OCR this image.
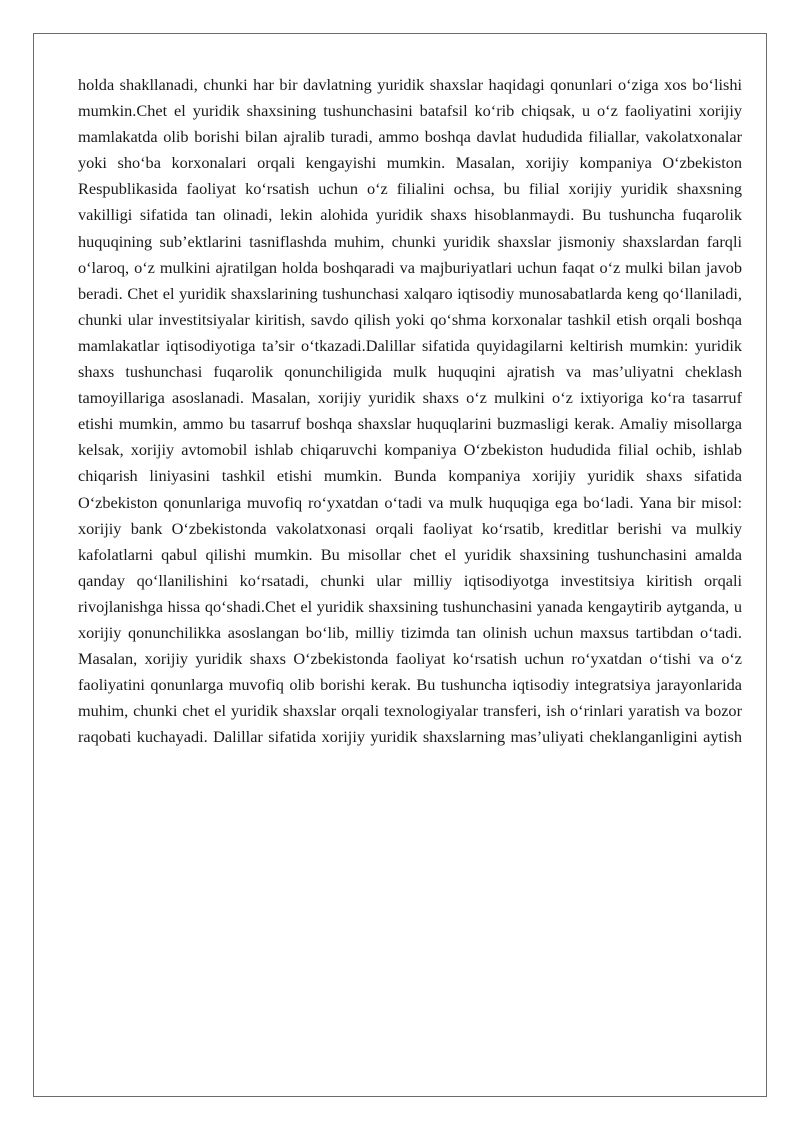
holda shakllanadi, chunki har bir davlatning yuridik shaxslar haqidagi qonunlari o‘ziga xos bo‘lishi mumkin.Chet el yuridik shaxsining tushunchasini batafsil ko‘rib chiqsak, u o‘z faoliyatini xorijiy mamlakatda olib borishi bilan ajralib turadi, ammo boshqa davlat hududida filiallar, vakolatxonalar yoki sho‘ba korxonalari orqali kengayishi mumkin. Masalan, xorijiy kompaniya O‘zbekiston Respublikasida faoliyat ko‘rsatish uchun o‘z filialini ochsa, bu filial xorijiy yuridik shaxsning vakilligi sifatida tan olinadi, lekin alohida yuridik shaxs hisoblanmaydi. Bu tushuncha fuqarolik huquqining sub’ektlarini tasniflashda muhim, chunki yuridik shaxslar jismoniy shaxslardan farqli o‘laroq, o‘z mulkini ajratilgan holda boshqaradi va majburiyatlari uchun faqat o‘z mulki bilan javob beradi. Chet el yuridik shaxslarining tushunchasi xalqaro iqtisodiy munosabatlarda keng qo‘llaniladi, chunki ular investitsiyalar kiritish, savdo qilish yoki qo‘shma korxonalar tashkil etish orqali boshqa mamlakatlar iqtisodiyotiga ta’sir o‘tkazadi.Dalillar sifatida quyidagilarni keltirish mumkin: yuridik shaxs tushunchasi fuqarolik qonunchiligida mulk huquqini ajratish va mas’uliyatni cheklash tamoyillariga asoslanadi. Masalan, xorijiy yuridik shaxs o‘z mulkini o‘z ixtiyoriga ko‘ra tasarruf etishi mumkin, ammo bu tasarruf boshqa shaxslar huquqlarini buzmasligi kerak. Amaliy misollarga kelsak, xorijiy avtomobil ishlab chiqaruvchi kompaniya O‘zbekiston hududida filial ochib, ishlab chiqarish liniyasini tashkil etishi mumkin. Bunda kompaniya xorijiy yuridik shaxs sifatida O‘zbekiston qonunlariga muvofiq ro‘yxatdan o‘tadi va mulk huquqiga ega bo‘ladi. Yana bir misol: xorijiy bank O‘zbekistonda vakolatxonasi orqali faoliyat ko‘rsatib, kreditlar berishi va mulkiy kafolatlarni qabul qilishi mumkin. Bu misollar chet el yuridik shaxsining tushunchasini amalda qanday qo‘llanilishini ko‘rsatadi, chunki ular milliy iqtisodiyotga investitsiya kiritish orqali rivojlanishga hissa qo‘shadi.Chet el yuridik shaxsining tushunchasini yanada kengaytirib aytganda, u xorijiy qonunchilikka asoslangan bo‘lib, milliy tizimda tan olinish uchun maxsus tartibdan o‘tadi. Masalan, xorijiy yuridik shaxs O‘zbekistonda faoliyat ko‘rsatish uchun ro‘yxatdan o‘tishi va o‘z faoliyatini qonunlarga muvofiq olib borishi kerak. Bu tushuncha iqtisodiy integratsiya jarayonlarida muhim, chunki chet el yuridik shaxslar orqali texnologiyalar transferi, ish o‘rinlari yaratish va bozor raqobati kuchayadi. Dalillar sifatida xorijiy yuridik shaxslarning mas’uliyati cheklanganligini aytish
